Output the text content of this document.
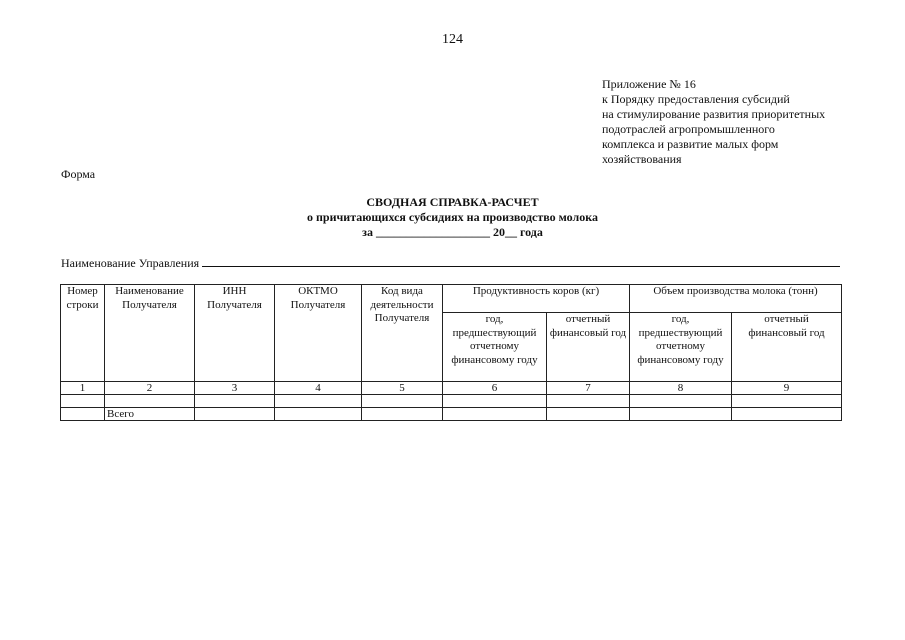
124
Приложение № 16
к Порядку предоставления субсидий
на стимулирование развития приоритетных
подотраслей агропромышленного
комплекса и развитие малых форм
хозяйствования
Форма
СВОДНАЯ СПРАВКА-РАСЧЕТ
о причитающихся субсидиях на производство молока
за ___________________ 20__ года
Наименование Управления
Номер строки	Наименование Получателя	ИНН Получателя	ОКТМО Получателя	Код вида деятельности Получателя	Продуктивность коров (кг)		Объем производства молока (тонн)	
					год, предшествующий отчетному финансовому году	отчетный финансовый год	год, предшествующий отчетному финансовому году	отчетный финансовый год
1	2	3	4	5	6	7	8	9

	Всего							
